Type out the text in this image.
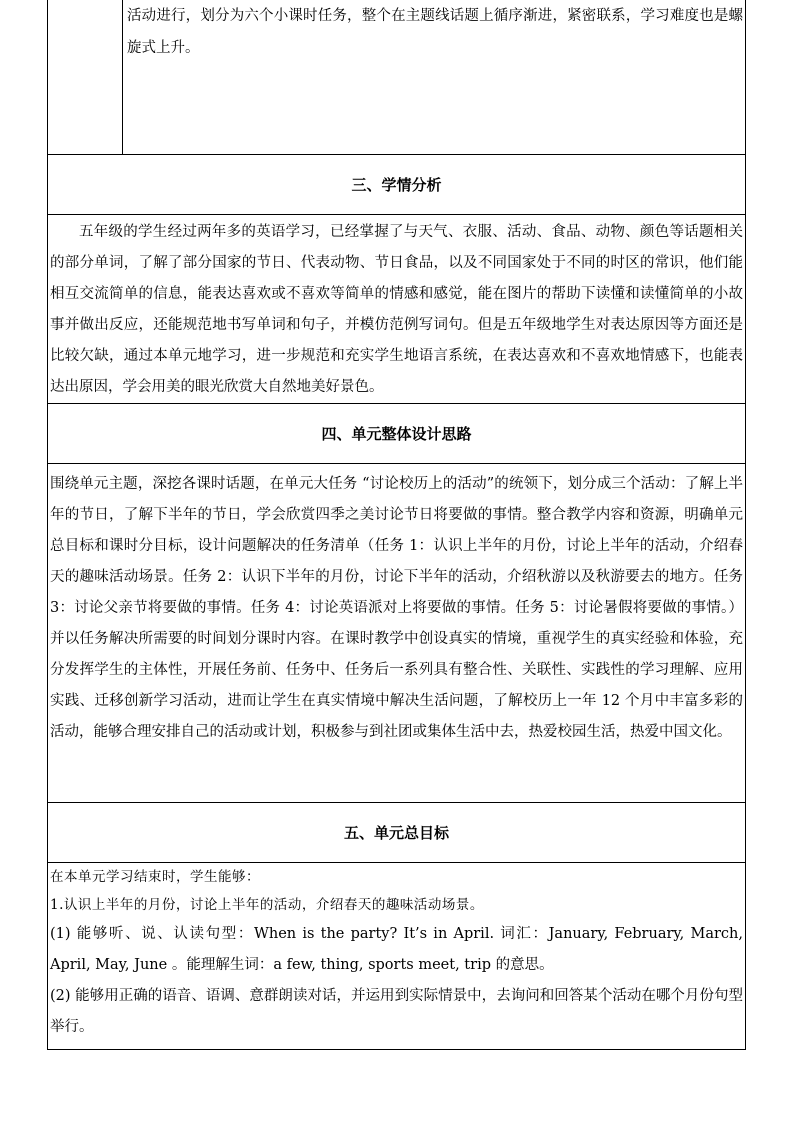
活动进行，划分为六个小课时任务，整个在主题线话题上循序渐进，紧密联系，学习难度也是螺旋式上升。

三、学情分析

五年级的学生经过两年多的英语学习，已经掌握了与天气、衣服、活动、食品、动物、颜色等话题相关的部分单词，了解了部分国家的节日、代表动物、节日食品，以及不同国家处于不同的时区的常识，他们能相互交流简单的信息，能表达喜欢或不喜欢等简单的情感和感觉，能在图片的帮助下读懂和读懂简单的小故事并做出反应，还能规范地书写单词和句子，并模仿范例写词句。但是五年级地学生对表达原因等方面还是比较欠缺，通过本单元地学习，进一步规范和充实学生地语言系统，在表达喜欢和不喜欢地情感下，也能表达出原因，学会用美的眼光欣赏大自然地美好景色。

四、单元整体设计思路

围绕单元主题，深挖各课时话题，在单元大任务 “讨论校历上的活动”的统领下，划分成三个活动：了解上半年的节日，了解下半年的节日，学会欣赏四季之美讨论节日将要做的事情。整合教学内容和资源，明确单元总目标和课时分目标，设计问题解决的任务清单（任务 1：认识上半年的月份，讨论上半年的活动，介绍春天的趣味活动场景。任务 2：认识下半年的月份，讨论下半年的活动，介绍秋游以及秋游要去的地方。任务 3：讨论父亲节将要做的事情。任务 4：讨论英语派对上将要做的事情。任务 5：讨论暑假将要做的事情。）并以任务解决所需要的时间划分课时内容。在课时教学中创设真实的情境，重视学生的真实经验和体验，充分发挥学生的主体性，开展任务前、任务中、任务后一系列具有整合性、关联性、实践性的学习理解、应用实践、迁移创新学习活动，进而让学生在真实情境中解决生活问题，了解校历上一年 12 个月中丰富多彩的活动，能够合理安排自己的活动或计划，积极参与到社团或集体生活中去，热爱校园生活，热爱中国文化。

五、单元总目标

在本单元学习结束时，学生能够：
1.认识上半年的月份，讨论上半年的活动，介绍春天的趣味活动场景。
(1) 能够听、说、认读句型：When is the party? It’s in April. 词汇：January, February, March, April, May, June 。能理解生词：a few, thing, sports meet, trip 的意思。
(2) 能够用正确的语音、语调、意群朗读对话，并运用到实际情景中，去询问和回答某个活动在哪个月份句型举行。
